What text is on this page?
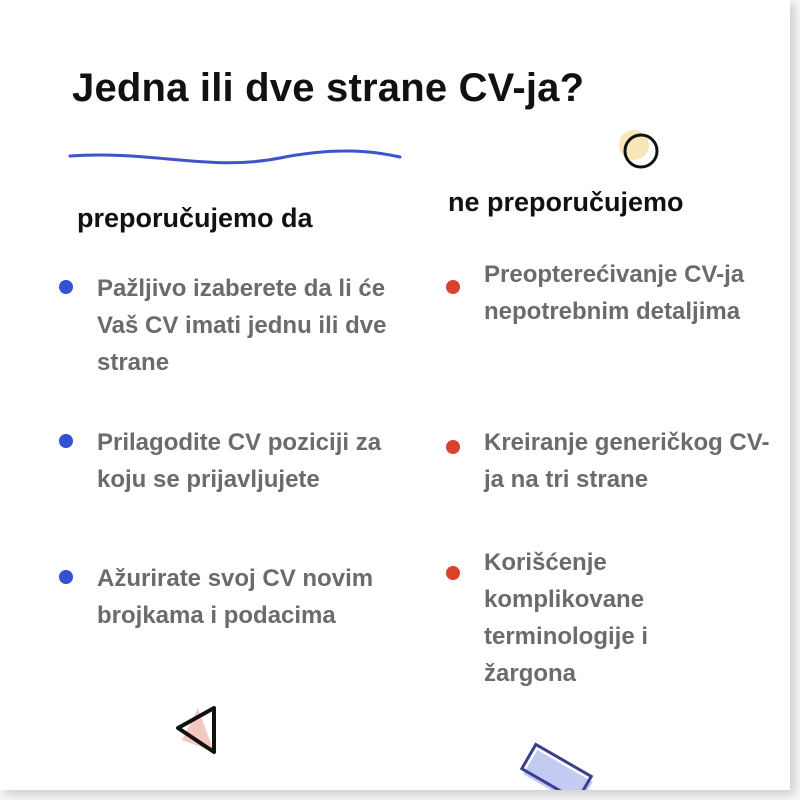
Jedna ili dve strane CV-ja?
preporučujemo da
ne preporučujemo
Pažljivo izaberete da li će Vaš CV imati jednu ili dve strane
Prilagodite CV poziciji za koju se prijavljujete
Ažurirate svoj CV novim brojkama i podacima
Preopterećivanje CV-ja nepotrebnim detaljima
Kreiranje generičkog CV-ja na tri strane
Korišćenje komplikovane terminologije i žargona
